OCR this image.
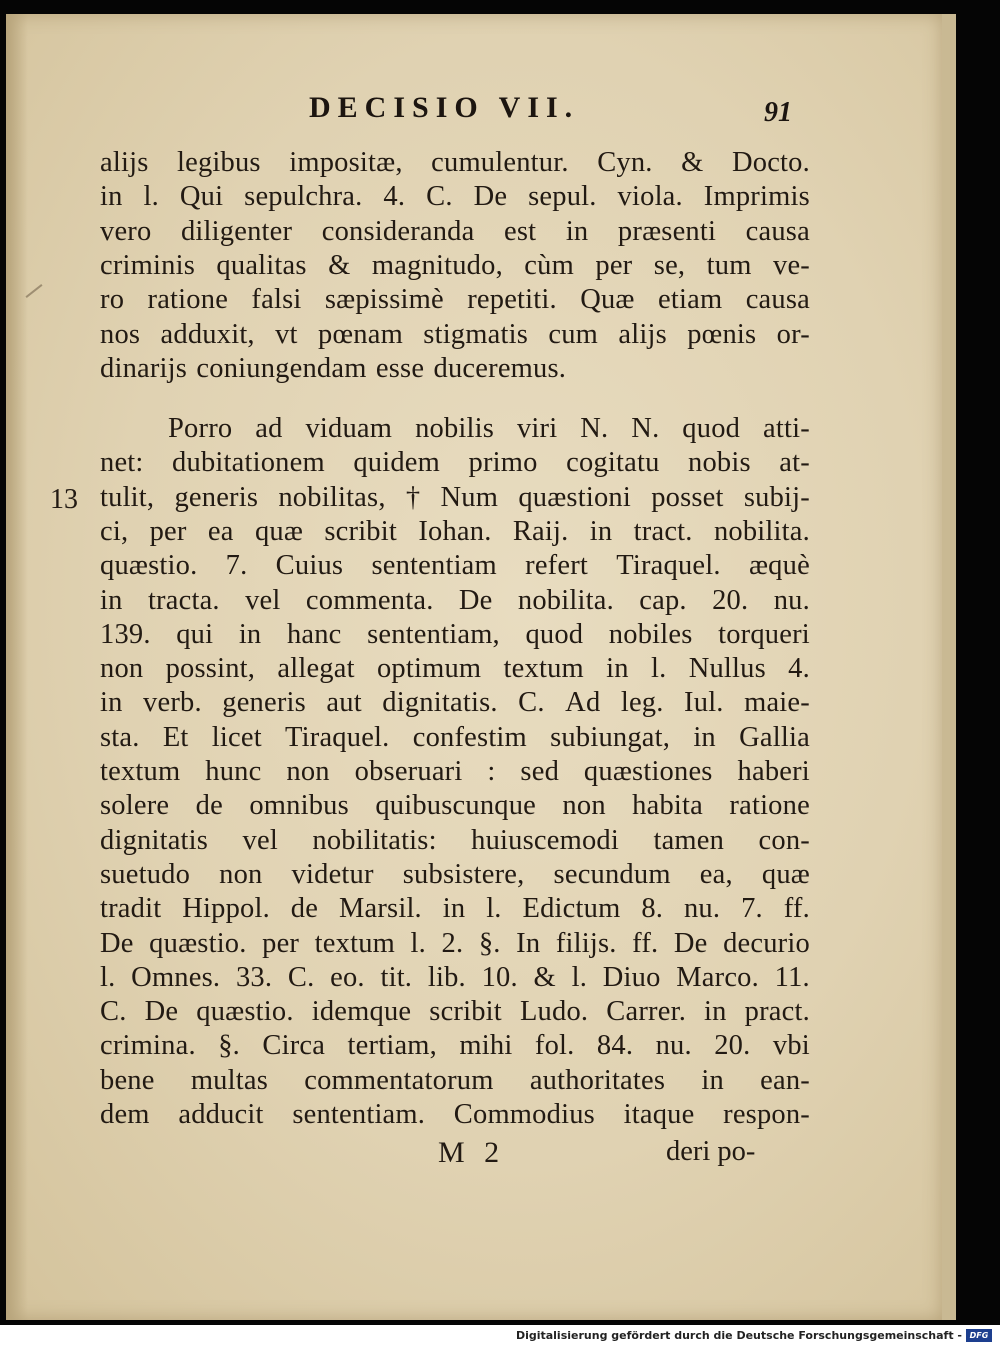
DECISIO VII.	91
alijs legibus impositæ, cumulentur. Cyn. & Docto.
in l. Qui sepulchra. 4. C. De sepul. viola. Imprimis
vero diligenter consideranda est in præsenti causa
criminis qualitas & magnitudo, cùm per se, tum ve-
ro ratione falsi sæpissimè repetiti. Quæ etiam causa
nos adduxit, vt pœnam stigmatis cum alijs pœnis or-
dinarijs coniungendam esse duceremus.
Porro ad viduam nobilis viri N. N. quod atti-
net: dubitationem quidem primo cogitatu nobis at-
tulit, generis nobilitas, † Num quæstioni posset subij-
ci, per ea quæ scribit Iohan. Raij. in tract. nobilita.
quæstio. 7. Cuius sententiam refert Tiraquel. æquè
in tracta. vel commenta. De nobilita. cap. 20. nu.
139. qui in hanc sententiam, quod nobiles torqueri
non possint, allegat optimum textum in l. Nullus 4.
in verb. generis aut dignitatis. C. Ad leg. Iul. maie-
sta. Et licet Tiraquel. confestim subiungat, in Gallia
textum hunc non obseruari : sed quæstiones haberi
solere de omnibus quibuscunque non habita ratione
dignitatis vel nobilitatis: huiuscemodi tamen con-
suetudo non videtur subsistere, secundum ea, quæ
tradit Hippol. de Marsil. in l. Edictum 8. nu. 7. ff.
De quæstio. per textum l. 2. §. In filijs. ff. De decurio
l. Omnes. 33. C. eo. tit. lib. 10. & l. Diuo Marco. 11.
C. De quæstio. idemque scribit Ludo. Carrer. in pract.
crimina. §. Circa tertiam, mihi fol. 84. nu. 20. vbi
bene multas commentatorum authoritates in ean-
dem adducit sententiam. Commodius itaque respon-
13
M 2	deri po-
Digitalisierung gefördert durch die Deutsche Forschungsgemeinschaft - DFG
